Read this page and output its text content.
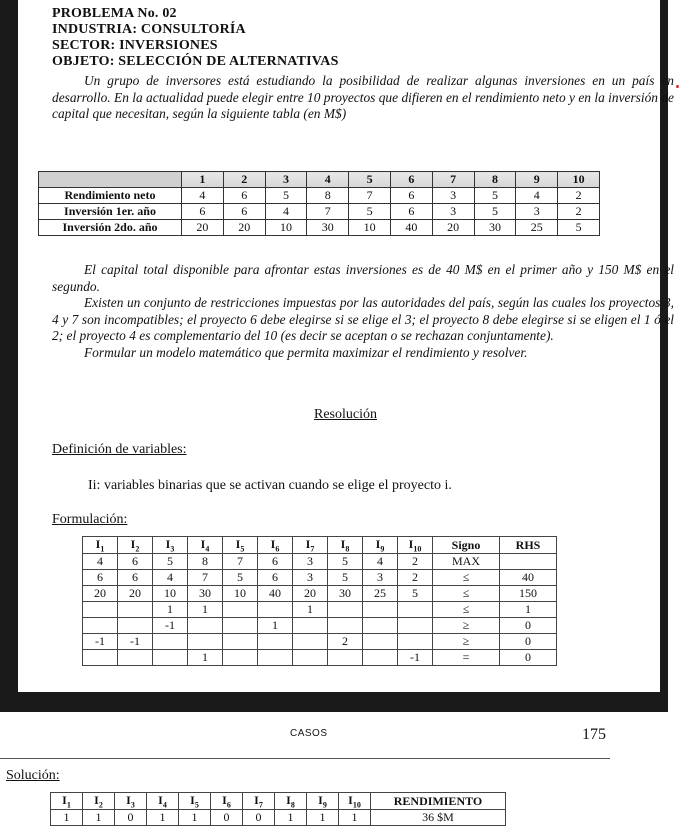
PROBLEMA No. 02
INDUSTRIA: CONSULTORÍA
SECTOR: INVERSIONES
OBJETO: SELECCIÓN DE ALTERNATIVAS

Un grupo de inversores está estudiando la posibilidad de realizar algunas inversiones en un país en desarrollo. En la actualidad puede elegir entre 10 proyectos que difieren en el rendimiento neto y en la inversión de capital que necesitan, según la siguiente tabla (en M$)

	1	2	3	4	5	6	7	8	9	10
Rendimiento neto	4	6	5	8	7	6	3	5	4	2
Inversión 1er. año	6	6	4	7	5	6	3	5	3	2
Inversión 2do. año	20	20	10	30	10	40	20	30	25	5

El capital total disponible para afrontar estas inversiones es de 40 M$ en el primer año y 150 M$ en el segundo.

Existen un conjunto de restricciones impuestas por las autoridades del país, según las cuales los proyectos 3, 4 y 7 son incompatibles; el proyecto 6 debe elegirse si se elige el 3; el proyecto 8 debe elegirse si se eligen el 1 ó el 2; el proyecto 4 es complementario del 10 (es decir se aceptan o se rechazan conjuntamente).

Formular un modelo matemático que permita maximizar el rendimiento y resolver.

Resolución
Definición de variables:
Ii: variables binarias que se activan cuando se elige el proyecto i.
Formulación:
$I_1$	$I_2$	$I_3$	$I_4$	$I_5$	$I_6$	$I_7$	$I_8$	$I_9$	$I_{10}$	Signo	RHS
4	6	5	8	7	6	3	5	4	2	MAX	
6	6	4	7	5	6	3	5	3	2	≤	40
20	20	10	30	10	40	20	30	25	5	≤	150
		1	1			1				≤	1
		-1			1					≥	0
-1	-1						2			≥	0
			1						-1	=	0
CASOS	175
Solución:
$I_1$	$I_2$	$I_3$	$I_4$	$I_5$	$I_6$	$I_7$	$I_8$	$I_9$	$I_{10}$	RENDIMIENTO
1	1	0	1	1	0	0	1	1	1	36 $M
